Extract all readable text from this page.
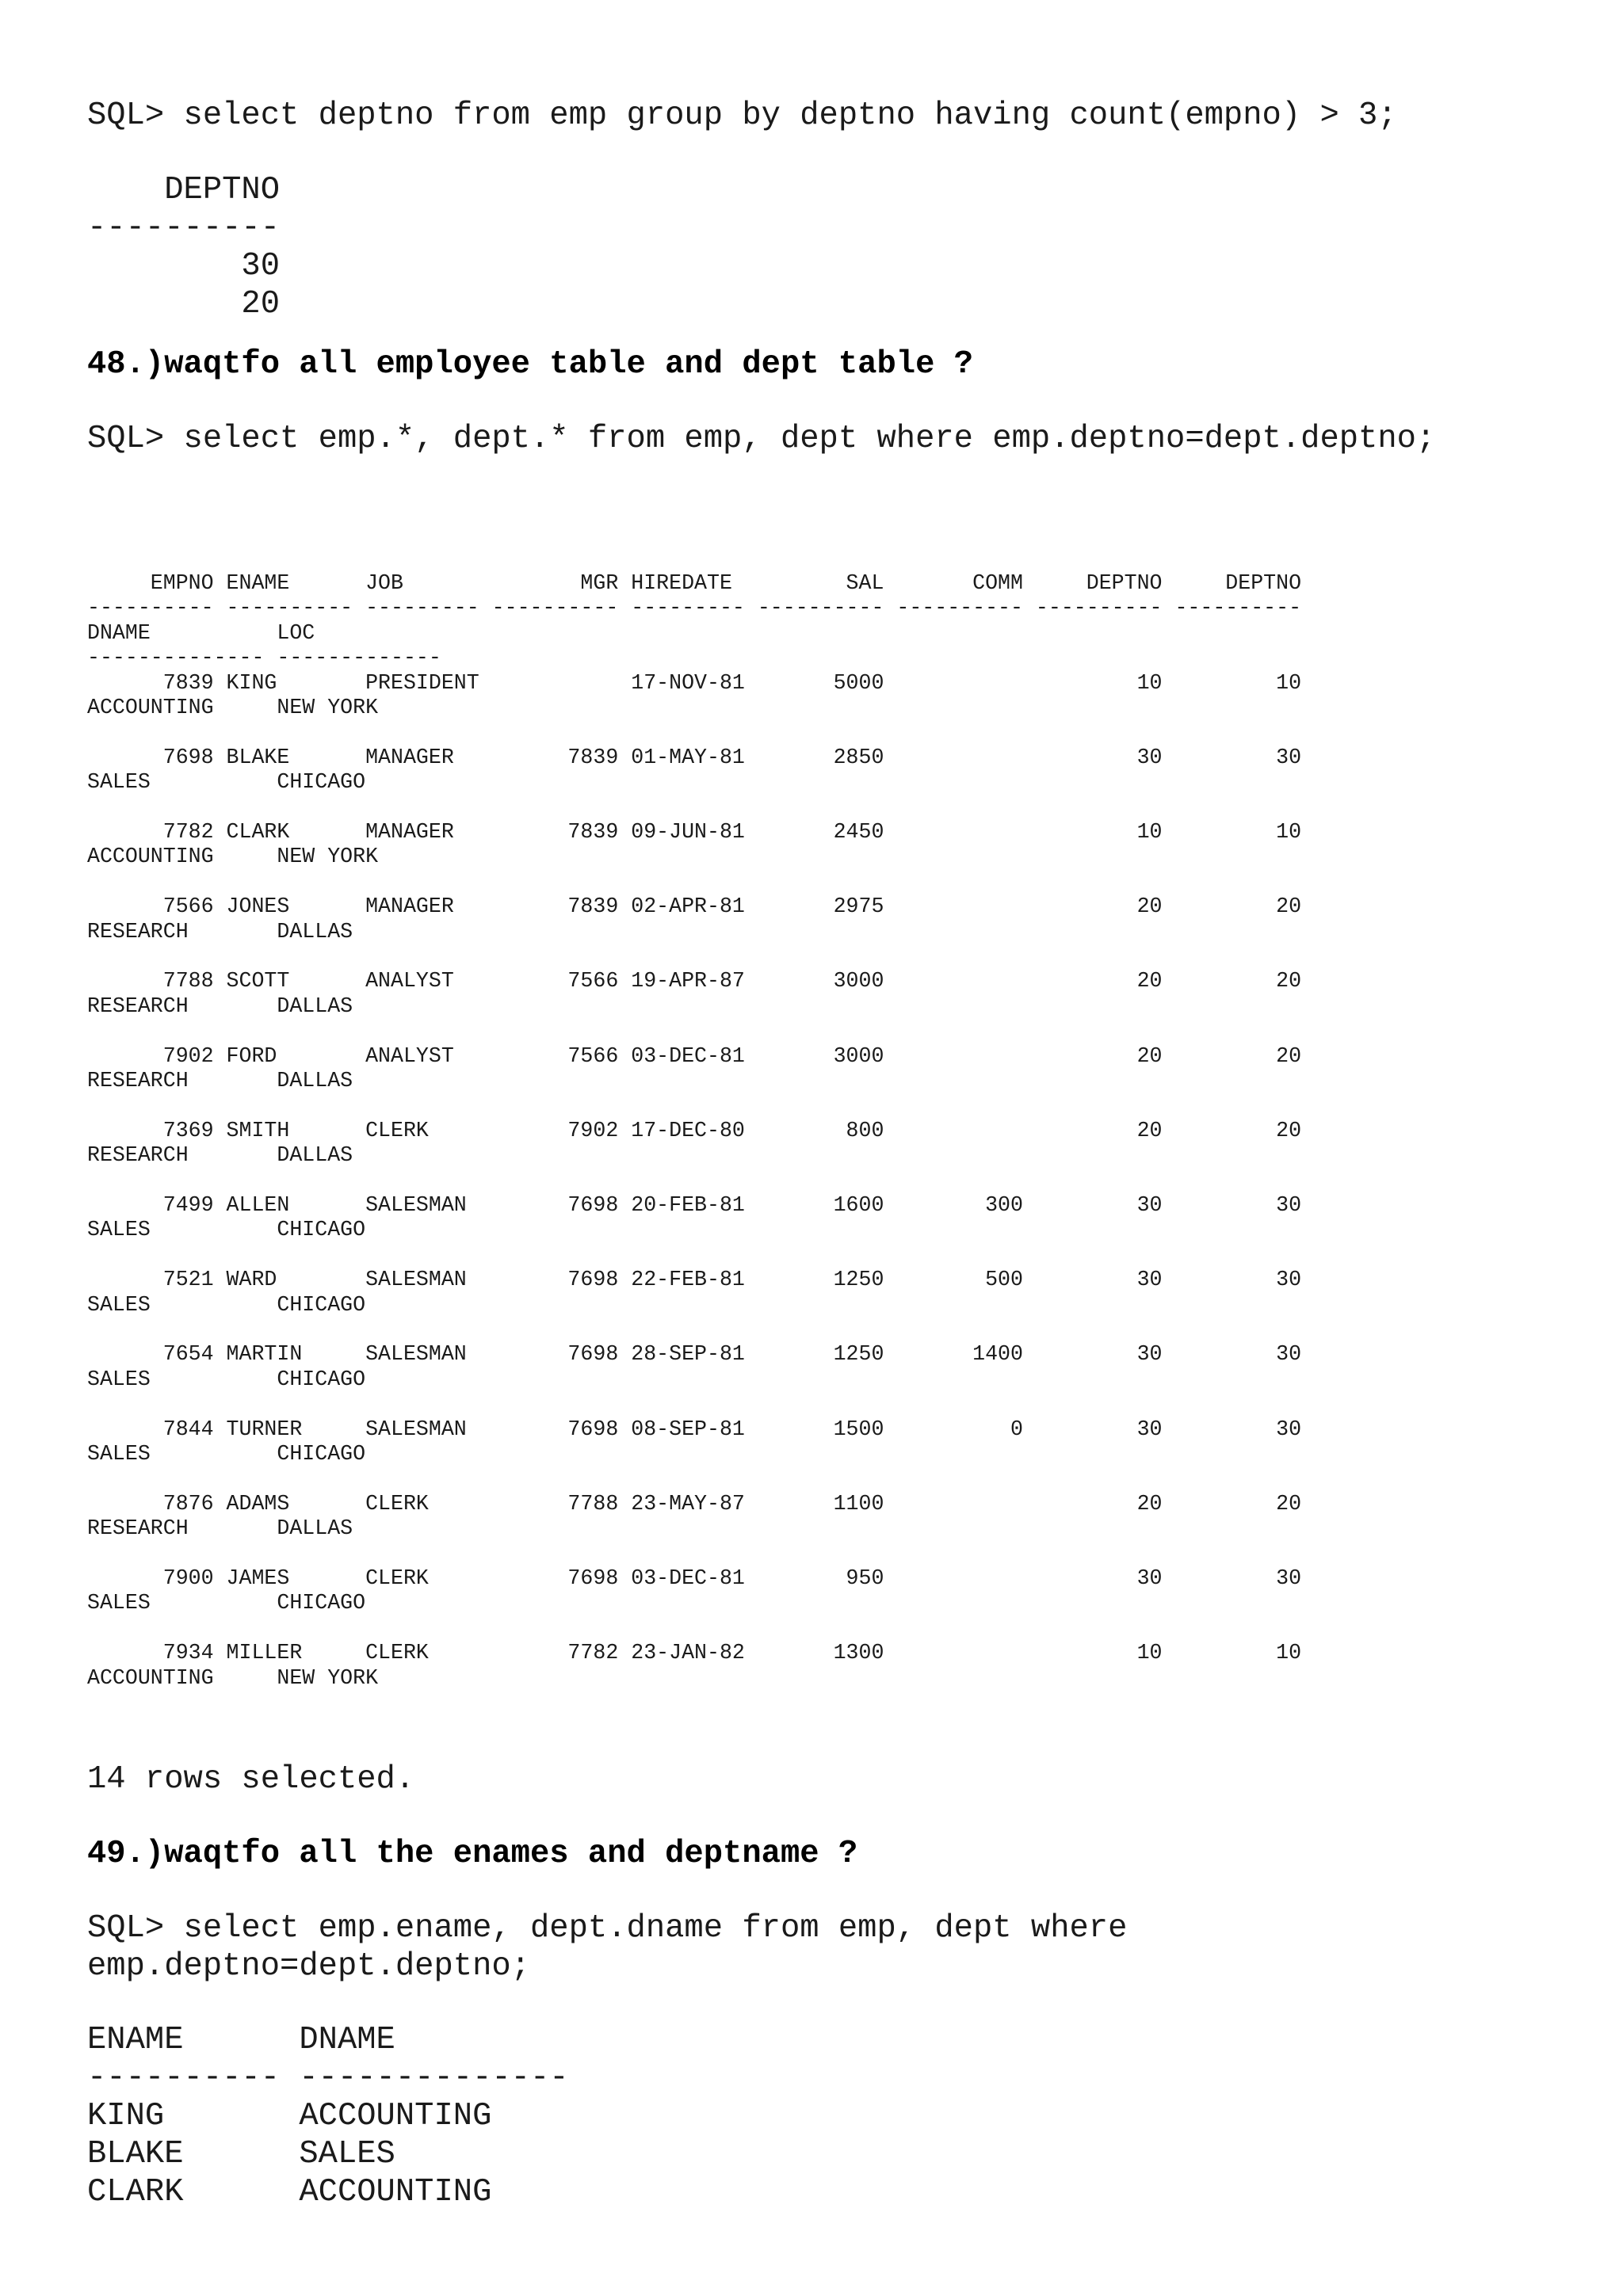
SQL> select deptno from emp group by deptno having count(empno) > 3;
DEPTNO
----------
30
20
48.)waqtfo all employee table and dept table ?
SQL> select emp.*, dept.* from emp, dept where emp.deptno=dept.deptno;
EMPNO ENAME      JOB              MGR HIREDATE         SAL       COMM     DEPTNO     DEPTNO
---------- ---------- --------- ---------- --------- ---------- ---------- ---------- ----------
DNAME          LOC
-------------- -------------
7839 KING       PRESIDENT            17-NOV-81       5000                    10         10
ACCOUNTING     NEW YORK
7698 BLAKE      MANAGER         7839 01-MAY-81       2850                    30         30
SALES          CHICAGO
7782 CLARK      MANAGER         7839 09-JUN-81       2450                    10         10
ACCOUNTING     NEW YORK
7566 JONES      MANAGER         7839 02-APR-81       2975                    20         20
RESEARCH       DALLAS
7788 SCOTT      ANALYST         7566 19-APR-87       3000                    20         20
RESEARCH       DALLAS
7902 FORD       ANALYST         7566 03-DEC-81       3000                    20         20
RESEARCH       DALLAS
7369 SMITH      CLERK           7902 17-DEC-80        800                    20         20
RESEARCH       DALLAS
7499 ALLEN      SALESMAN        7698 20-FEB-81       1600        300         30         30
SALES          CHICAGO
7521 WARD       SALESMAN        7698 22-FEB-81       1250        500         30         30
SALES          CHICAGO
7654 MARTIN     SALESMAN        7698 28-SEP-81       1250       1400         30         30
SALES          CHICAGO
7844 TURNER     SALESMAN        7698 08-SEP-81       1500          0         30         30
SALES          CHICAGO
7876 ADAMS      CLERK           7788 23-MAY-87       1100                    20         20
RESEARCH       DALLAS
7900 JAMES      CLERK           7698 03-DEC-81        950                    30         30
SALES          CHICAGO
7934 MILLER     CLERK           7782 23-JAN-82       1300                    10         10
ACCOUNTING     NEW YORK
14 rows selected.
49.)waqtfo all the enames and deptname ?
SQL> select emp.ename, dept.dname from emp, dept where
emp.deptno=dept.deptno;
ENAME      DNAME
---------- --------------
KING       ACCOUNTING
BLAKE      SALES
CLARK      ACCOUNTING
